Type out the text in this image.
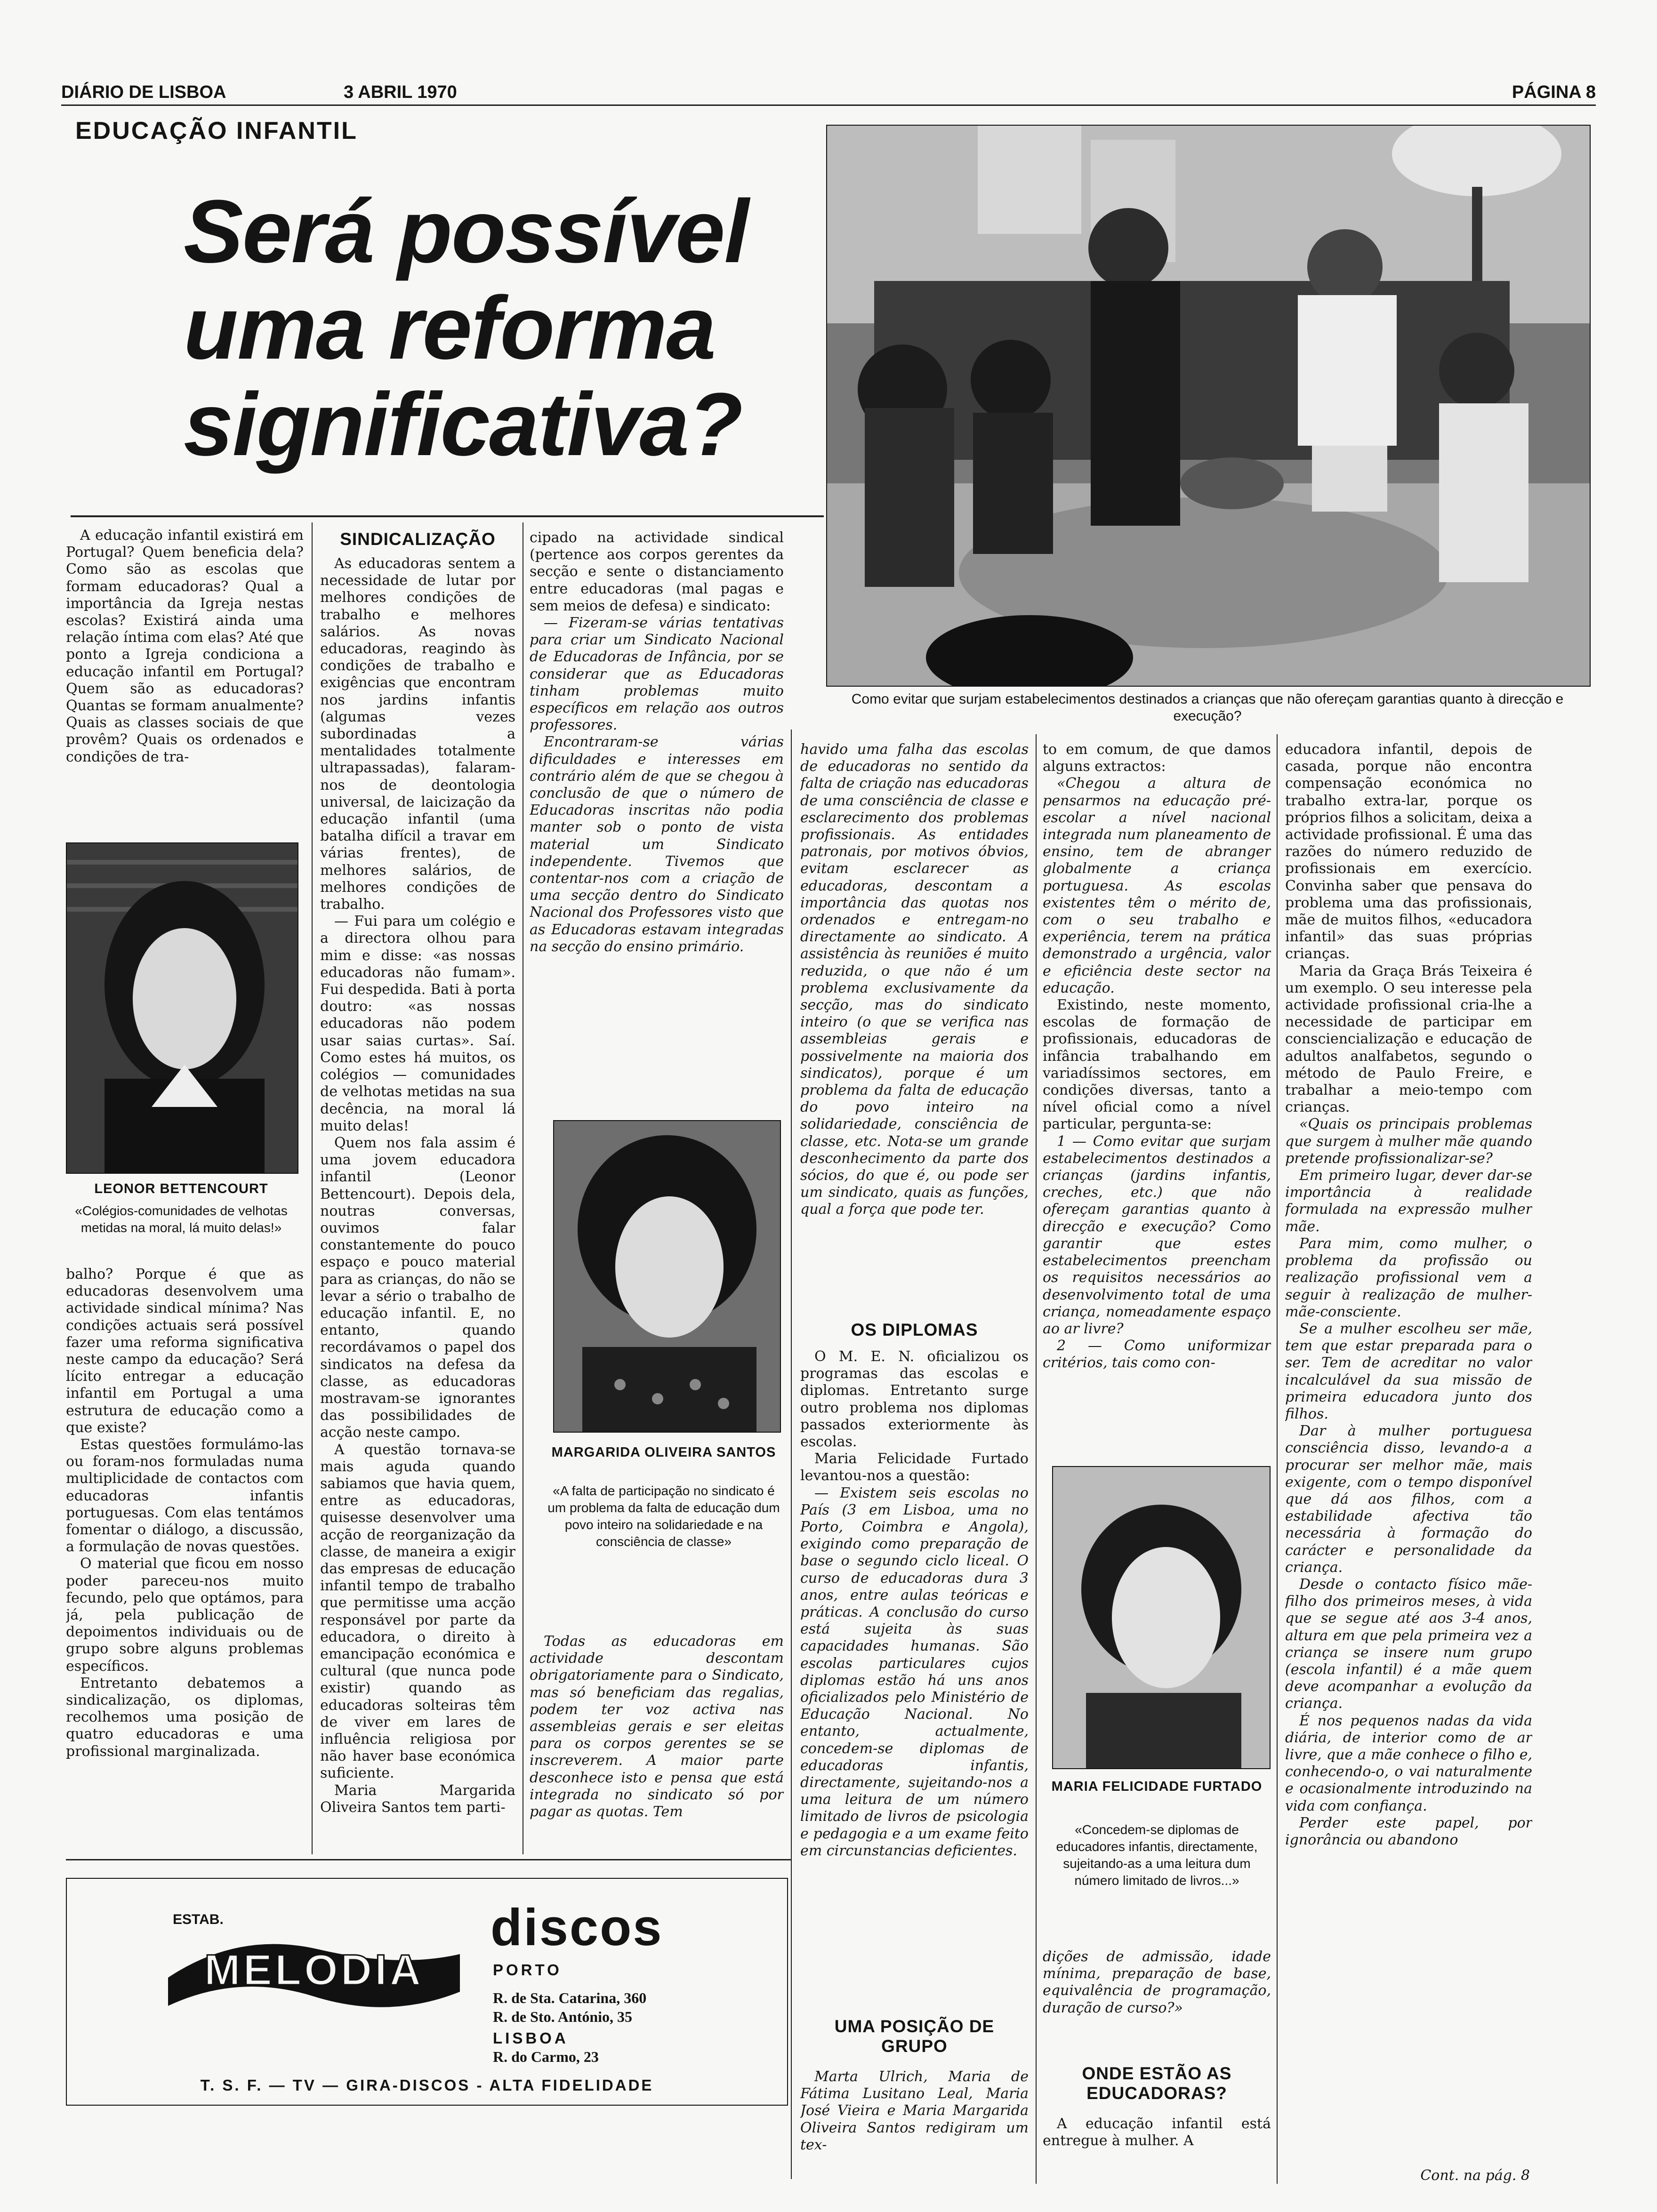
DIÁRIO DE LISBOA	3 ABRIL 1970	PÁGINA 8
EDUCAÇÃO INFANTIL
Será possível
uma reforma
significativa?
Como evitar que surjam estabelecimentos destinados a crianças que não ofereçam garantias quanto à direcção e execução?

A educação infantil existirá em Portugal? Quem beneficia dela? Como são as escolas que formam educadoras? Qual a importância da Igreja nestas escolas? Existirá ainda uma relação íntima com elas? Até que ponto a Igreja condiciona a educação infantil em Portugal? Quem são as educadoras? Quantas se formam anualmente? Quais as classes sociais de que provêm? Quais os ordenados e condições de tra-

LEONOR BETTENCOURT
«Colégios-comunidades de velhotas metidas na moral, lá muito delas!»

balho? Porque é que as educadoras desenvolvem uma actividade sindical mínima? Nas condições actuais será possível fazer uma reforma significativa neste campo da educação? Será lícito entregar a educação infantil em Portugal a uma estrutura de educação como a que existe?

Estas questões formulámo-las ou foram-nos formuladas numa multiplicidade de contactos com educadoras infantis portuguesas. Com elas tentámos fomentar o diálogo, a discussão, a formulação de novas questões.

O material que ficou em nosso poder pareceu-nos muito fecundo, pelo que optámos, para já, pela publicação de depoimentos individuais ou de grupo sobre alguns problemas específicos.

Entretanto debatemos a sindicalização, os diplomas, recolhemos uma posição de quatro educadoras e uma profissional marginalizada.

SINDICALIZAÇÃO

As educadoras sentem a necessidade de lutar por melhores condições de trabalho e melhores salários. As novas educadoras, reagindo às condições de trabalho e exigências que encontram nos jardins infantis (algumas vezes subordinadas a mentalidades totalmente ultrapassadas), falaram-nos de deontologia universal, de laicização da educação infantil (uma batalha difícil a travar em várias frentes), de melhores salários, de melhores condições de trabalho.

— Fui para um colégio e a directora olhou para mim e disse: «as nossas educadoras não fumam». Fui despedida. Bati à porta doutro: «as nossas educadoras não podem usar saias curtas». Saí. Como estes há muitos, os colégios — comunidades de velhotas metidas na sua decência, na moral lá muito delas!

Quem nos fala assim é uma jovem educadora infantil (Leonor Bettencourt). Depois dela, noutras conversas, ouvimos falar constantemente do pouco espaço e pouco material para as crianças, do não se levar a sério o trabalho de educação infantil. E, no entanto, quando recordávamos o papel dos sindicatos na defesa da classe, as educadoras mostravam-se ignorantes das possibilidades de acção neste campo.

A questão tornava-se mais aguda quando sabiamos que havia quem, entre as educadoras, quisesse desenvolver uma acção de reorganização da classe, de maneira a exigir das empresas de educação infantil tempo de trabalho que permitisse uma acção responsável por parte da educadora, o direito à emancipação económica e cultural (que nunca pode existir) quando as educadoras solteiras têm de viver em lares de influência religiosa por não haver base económica suficiente.

Maria Margarida Oliveira Santos tem parti-

cipado na actividade sindical (pertence aos corpos gerentes da secção e sente o distanciamento entre educadoras (mal pagas e sem meios de defesa) e sindicato:

— Fizeram-se várias tentativas para criar um Sindicato Nacional de Educadoras de Infância, por se considerar que as Educadoras tinham problemas muito específicos em relação aos outros professores.

Encontraram-se várias dificuldades e interesses em contrário além de que se chegou à conclusão de que o número de Educadoras inscritas não podia manter sob o ponto de vista material um Sindicato independente. Tivemos que contentar-nos com a criação de uma secção dentro do Sindicato Nacional dos Professores visto que as Educadoras estavam integradas na secção do ensino primário.

MARGARIDA OLIVEIRA SANTOS
«A falta de participação no sindicato é um problema da falta de educação dum povo inteiro na solidariedade e na consciência de classe»

Todas as educadoras em actividade descontam obrigatoriamente para o Sindicato, mas só beneficiam das regalias, podem ter voz activa nas assembleias gerais e ser eleitas para os corpos gerentes se se inscreverem. A maior parte desconhece isto e pensa que está integrada no sindicato só por pagar as quotas. Tem

havido uma falha das escolas de educadoras no sentido da falta de criação nas educadoras de uma consciência de classe e esclarecimento dos problemas profissionais. As entidades patronais, por motivos óbvios, evitam esclarecer as educadoras, descontam a importância das quotas nos ordenados e entregam-no directamente ao sindicato. A assistência às reuniões é muito reduzida, o que não é um problema exclusivamente da secção, mas do sindicato inteiro (o que se verifica nas assembleias gerais e possivelmente na maioria dos sindicatos), porque é um problema da falta de educação do povo inteiro na solidariedade, consciência de classe, etc. Nota-se um grande desconhecimento da parte dos sócios, do que é, ou pode ser um sindicato, quais as funções, qual a força que pode ter.

OS DIPLOMAS

O M. E. N. oficializou os programas das escolas e diplomas. Entretanto surge outro problema nos diplomas passados exteriormente às escolas.

Maria Felicidade Furtado levantou-nos a questão:

— Existem seis escolas no País (3 em Lisboa, uma no Porto, Coimbra e Angola), exigindo como preparação de base o segundo ciclo liceal. O curso de educadoras dura 3 anos, entre aulas teóricas e práticas. A conclusão do curso está sujeita às suas capacidades humanas. São escolas particulares cujos diplomas estão há uns anos oficializados pelo Ministério de Educação Nacional. No entanto, actualmente, concedem-se diplomas de educadoras infantis, directamente, sujeitando-nos a uma leitura de um número limitado de livros de psicologia e pedagogia e a um exame feito em circunstancias deficientes.

UMA POSIÇÃO DE GRUPO

Marta Ulrich, Maria de Fátima Lusitano Leal, Maria José Vieira e Maria Margarida Oliveira Santos redigiram um tex-

to em comum, de que damos alguns extractos:

«Chegou a altura de pensarmos na educação pré-escolar a nível nacional integrada num planeamento de ensino, tem de abranger globalmente a criança portuguesa. As escolas existentes têm o mérito de, com o seu trabalho e experiência, terem na prática demonstrado a urgência, valor e eficiência deste sector na educação.

Existindo, neste momento, escolas de formação de profissionais, educadoras de infância trabalhando em variadíssimos sectores, em condições diversas, tanto a nível oficial como a nível particular, pergunta-se:

1 — Como evitar que surjam estabelecimentos destinados a crianças (jardins infantis, creches, etc.) que não ofereçam garantias quanto à direcção e execução? Como garantir que estes estabelecimentos preencham os requisitos necessários ao desenvolvimento total de uma criança, nomeadamente espaço ao ar livre?

2 — Como uniformizar critérios, tais como con-

MARIA FELICIDADE FURTADO
«Concedem-se diplomas de educadores infantis, directamente, sujeitando-as a uma leitura dum número limitado de livros...»

dições de admissão, idade mínima, preparação de base, equivalência de programação, duração de curso?»

ONDE ESTÃO AS EDUCADORAS?

A educação infantil está entregue à mulher. A

educadora infantil, depois de casada, porque não encontra compensação económica no trabalho extra-lar, porque os próprios filhos a solicitam, deixa a actividade profissional. É uma das razões do número reduzido de profissionais em exercício. Convinha saber que pensava do problema uma das profissionais, mãe de muitos filhos, «educadora infantil» das suas próprias crianças.

Maria da Graça Brás Teixeira é um exemplo. O seu interesse pela actividade profissional cria-lhe a necessidade de participar em consciencialização e educação de adultos analfabetos, segundo o método de Paulo Freire, e trabalhar a meio-tempo com crianças.

«Quais os principais problemas que surgem à mulher mãe quando pretende profissionalizar-se?

Em primeiro lugar, dever dar-se importância à realidade formulada na expressão mulher mãe.

Para mim, como mulher, o problema da profissão ou realização profissional vem a seguir à realização de mulher-mãe-consciente.

Se a mulher escolheu ser mãe, tem que estar preparada para o ser. Tem de acreditar no valor incalculável da sua missão de primeira educadora junto dos filhos.

Dar à mulher portuguesa consciência disso, levando-a a procurar ser melhor mãe, mais exigente, com o tempo disponível que dá aos filhos, com a estabilidade afectiva tão necessária à formação do carácter e personalidade da criança.

Desde o contacto físico mãe-filho dos primeiros meses, à vida que se segue até aos 3-4 anos, altura em que pela primeira vez a criança se insere num grupo (escola infantil) é a mãe quem deve acompanhar a evolução da criança.

É nos pequenos nadas da vida diária, de interior como de ar livre, que a mãe conhece o filho e, conhecendo-o, o vai naturalmente e ocasionalmente introduzindo na vida com confiança.

Perder este papel, por ignorância ou abandono

Cont. na pág. 8
ESTAB.
MELODIA
discos
PORTO
R. de Sta. Catarina, 360
R. de Sto. António, 35
LISBOA
R. do Carmo, 23
T. S. F. — TV — GIRA-DISCOS - ALTA FIDELIDADE
